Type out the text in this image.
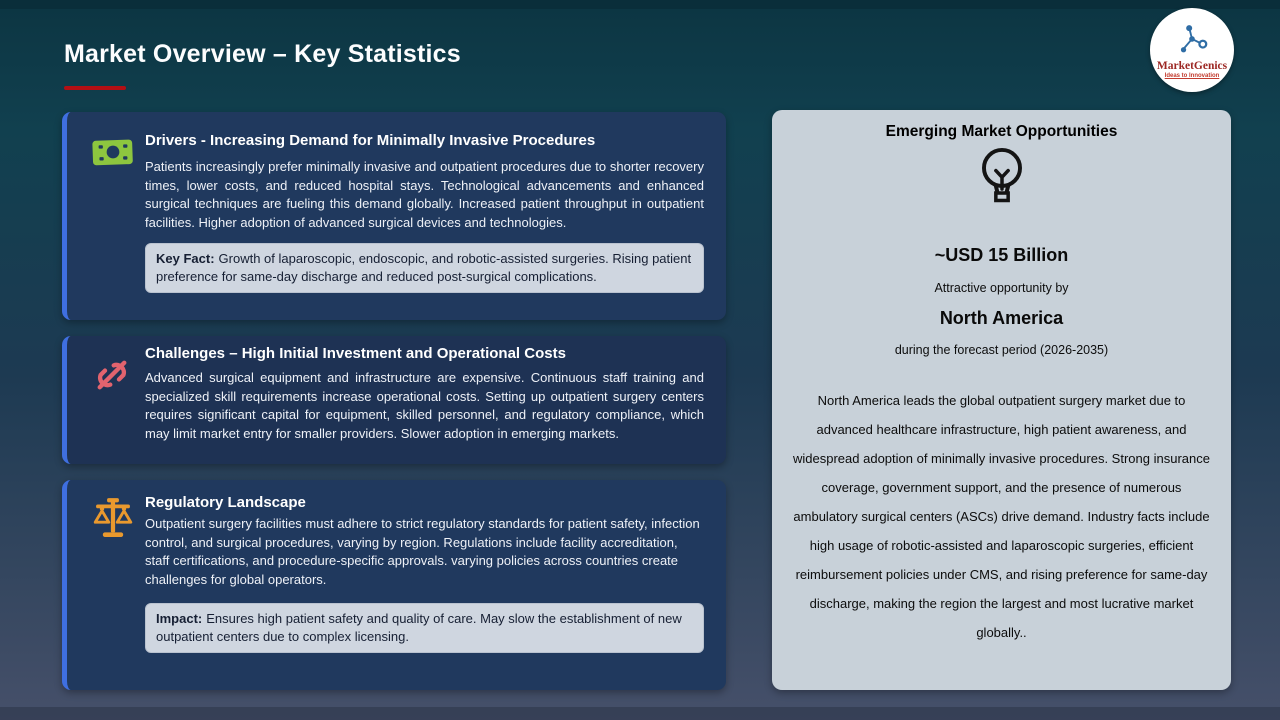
Market Overview – Key Statistics	MarketGenics
Ideas to Innovation
Drivers - Increasing Demand for Minimally Invasive Procedures

Patients increasingly prefer minimally invasive and outpatient procedures due to shorter recovery times, lower costs, and reduced hospital stays. Technological advancements and enhanced surgical techniques are fueling this demand globally. Increased patient throughput in outpatient facilities. Higher adoption of advanced surgical devices and technologies.

Key Fact: Growth of laparoscopic, endoscopic, and robotic-assisted surgeries. Rising patient preference for same-day discharge and reduced post-surgical complications.
Challenges – High Initial Investment and Operational Costs

Advanced surgical equipment and infrastructure are expensive. Continuous staff training and specialized skill requirements increase operational costs. Setting up outpatient surgery centers requires significant capital for equipment, skilled personnel, and regulatory compliance, which may limit market entry for smaller providers. Slower adoption in emerging markets.

Regulatory Landscape

Outpatient surgery facilities must adhere to strict regulatory standards for patient safety, infection control, and surgical procedures, varying by region. Regulations include facility accreditation, staff certifications, and procedure-specific approvals. varying policies across countries create challenges for global operators.

Impact: Ensures high patient safety and quality of care. May slow the establishment of new outpatient centers due to complex licensing.
Emerging Market Opportunities
~USD 15 Billion
Attractive opportunity by
North America
during the forecast period (2026-2035)

North America leads the global outpatient surgery market due to advanced healthcare infrastructure, high patient awareness, and widespread adoption of minimally invasive procedures. Strong insurance coverage, government support, and the presence of numerous ambulatory surgical centers (ASCs) drive demand. Industry facts include high usage of robotic-assisted and laparoscopic surgeries, efficient reimbursement policies under CMS, and rising preference for same-day discharge, making the region the largest and most lucrative market globally..
